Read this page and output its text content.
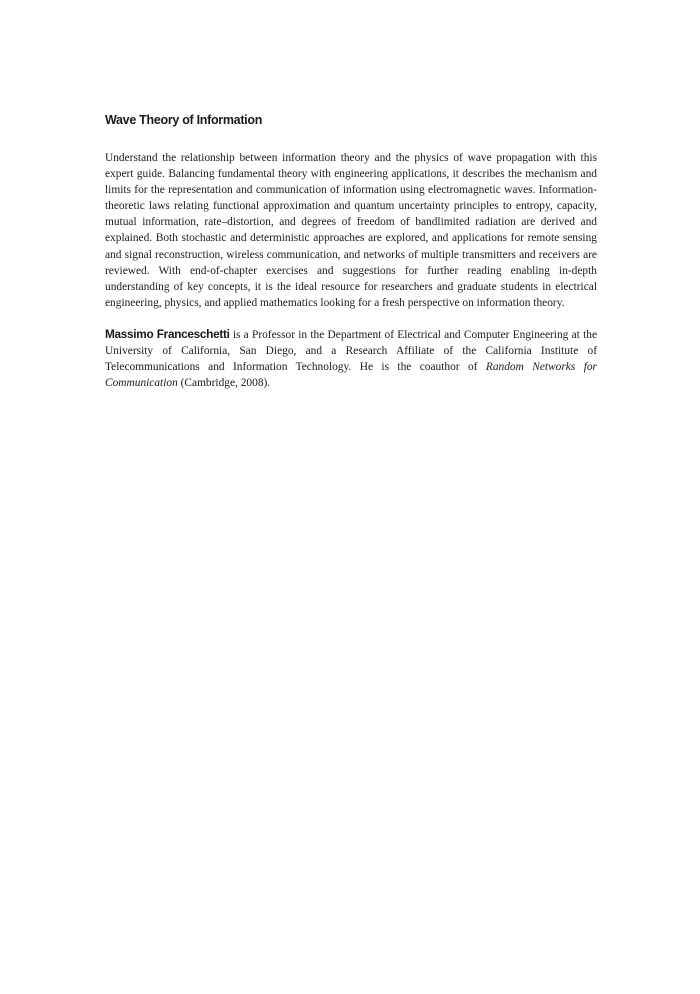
Wave Theory of Information

Understand the relationship between information theory and the physics of wave propagation with this expert guide. Balancing fundamental theory with engineering applications, it describes the mechanism and limits for the representation and communication of information using electromagnetic waves. Information-theoretic laws relating functional approximation and quantum uncertainty principles to entropy, capacity, mutual information, rate–distortion, and degrees of freedom of bandlimited radiation are derived and explained. Both stochastic and deterministic approaches are explored, and applications for remote sensing and signal reconstruction, wireless communication, and networks of multiple transmitters and receivers are reviewed. With end-of-chapter exercises and suggestions for further reading enabling in-depth understanding of key concepts, it is the ideal resource for researchers and graduate students in electrical engineering, physics, and applied mathematics looking for a fresh perspective on information theory.

Massimo Franceschetti is a Professor in the Department of Electrical and Computer Engineering at the University of California, San Diego, and a Research Affiliate of the California Institute of Telecommunications and Information Technology. He is the coauthor of Random Networks for Communication (Cambridge, 2008).
